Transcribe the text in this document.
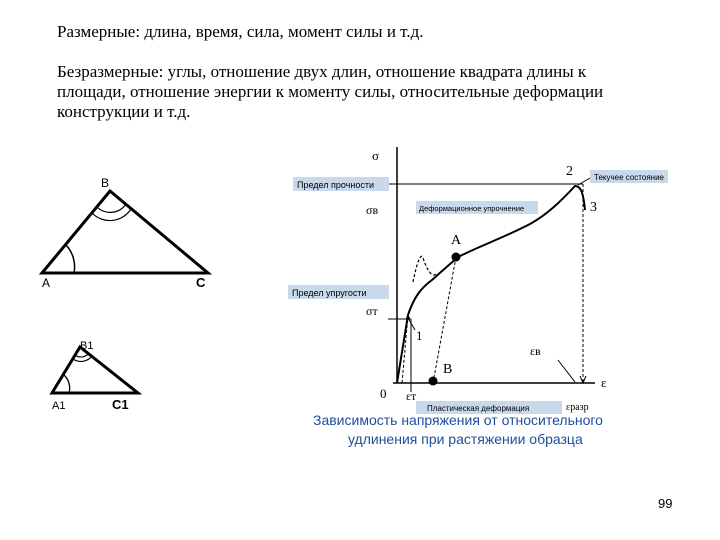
Размерные: длина, время, сила, момент силы и т.д.
Безразмерные: углы, отношение двух длин, отношение квадрата длины к
площади, отношение энергии к моменту силы, относительные деформации
конструкции и т.д.
B
A	C
B1
A1	C1
Предел прочности
Деформационное упрочнение
Текучее состояние
Предел упругости
Пластическая деформация
σ
σв
σт
0 εт
εв
εразр
ε
A
B
1
2
3
Зависимость напряжения от относительного
удлинения при растяжении образца
99
